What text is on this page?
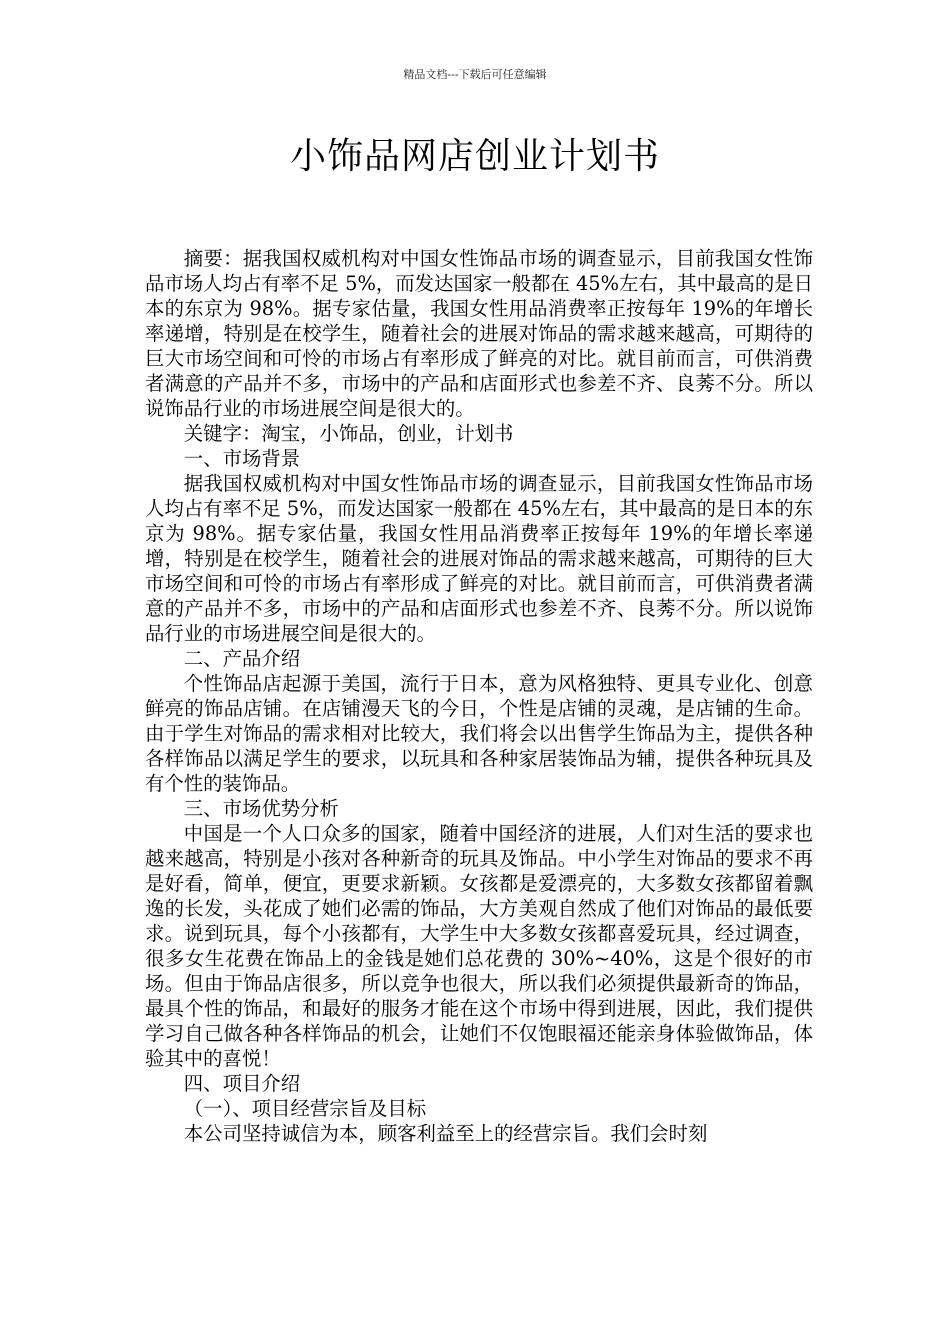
精品文档---下载后可任意编辑
小饰品网店创业计划书

摘要：据我国权威机构对中国女性饰品市场的调查显示，目前我国女性饰品市场人均占有率不足 5%，而发达国家一般都在 45%左右，其中最高的是日本的东京为 98%。据专家估量，我国女性用品消费率正按每年 19%的年增长率递增，特别是在校学生，随着社会的进展对饰品的需求越来越高，可期待的巨大市场空间和可怜的市场占有率形成了鲜亮的对比。就目前而言，可供消费者满意的产品并不多，市场中的产品和店面形式也参差不齐、良莠不分。所以说饰品行业的市场进展空间是很大的。

关键字：淘宝，小饰品，创业，计划书

一、市场背景

据我国权威机构对中国女性饰品市场的调查显示，目前我国女性饰品市场人均占有率不足 5%，而发达国家一般都在 45%左右，其中最高的是日本的东京为 98%。据专家估量，我国女性用品消费率正按每年 19%的年增长率递增，特别是在校学生，随着社会的进展对饰品的需求越来越高，可期待的巨大市场空间和可怜的市场占有率形成了鲜亮的对比。就目前而言，可供消费者满意的产品并不多，市场中的产品和店面形式也参差不齐、良莠不分。所以说饰品行业的市场进展空间是很大的。

二、产品介绍

个性饰品店起源于美国，流行于日本，意为风格独特、更具专业化、创意鲜亮的饰品店铺。在店铺漫天飞的今日，个性是店铺的灵魂，是店铺的生命。由于学生对饰品的需求相对比较大，我们将会以出售学生饰品为主，提供各种各样饰品以满足学生的要求，以玩具和各种家居装饰品为辅，提供各种玩具及有个性的装饰品。

三、市场优势分析

中国是一个人口众多的国家，随着中国经济的进展，人们对生活的要求也越来越高，特别是小孩对各种新奇的玩具及饰品。中小学生对饰品的要求不再是好看，简单，便宜，更要求新颖。女孩都是爱漂亮的，大多数女孩都留着飘逸的长发，头花成了她们必需的饰品，大方美观自然成了他们对饰品的最低要求。说到玩具，每个小孩都有，大学生中大多数女孩都喜爱玩具，经过调查，很多女生花费在饰品上的金钱是她们总花费的 30%~40%，这是个很好的市场。但由于饰品店很多，所以竞争也很大，所以我们必须提供最新奇的饰品，最具个性的饰品，和最好的服务才能在这个市场中得到进展，因此，我们提供学习自己做各种各样饰品的机会，让她们不仅饱眼福还能亲身体验做饰品，体验其中的喜悦！

四、项目介绍

（一）、项目经营宗旨及目标

本公司坚持诚信为本，顾客利益至上的经营宗旨。我们会时刻
